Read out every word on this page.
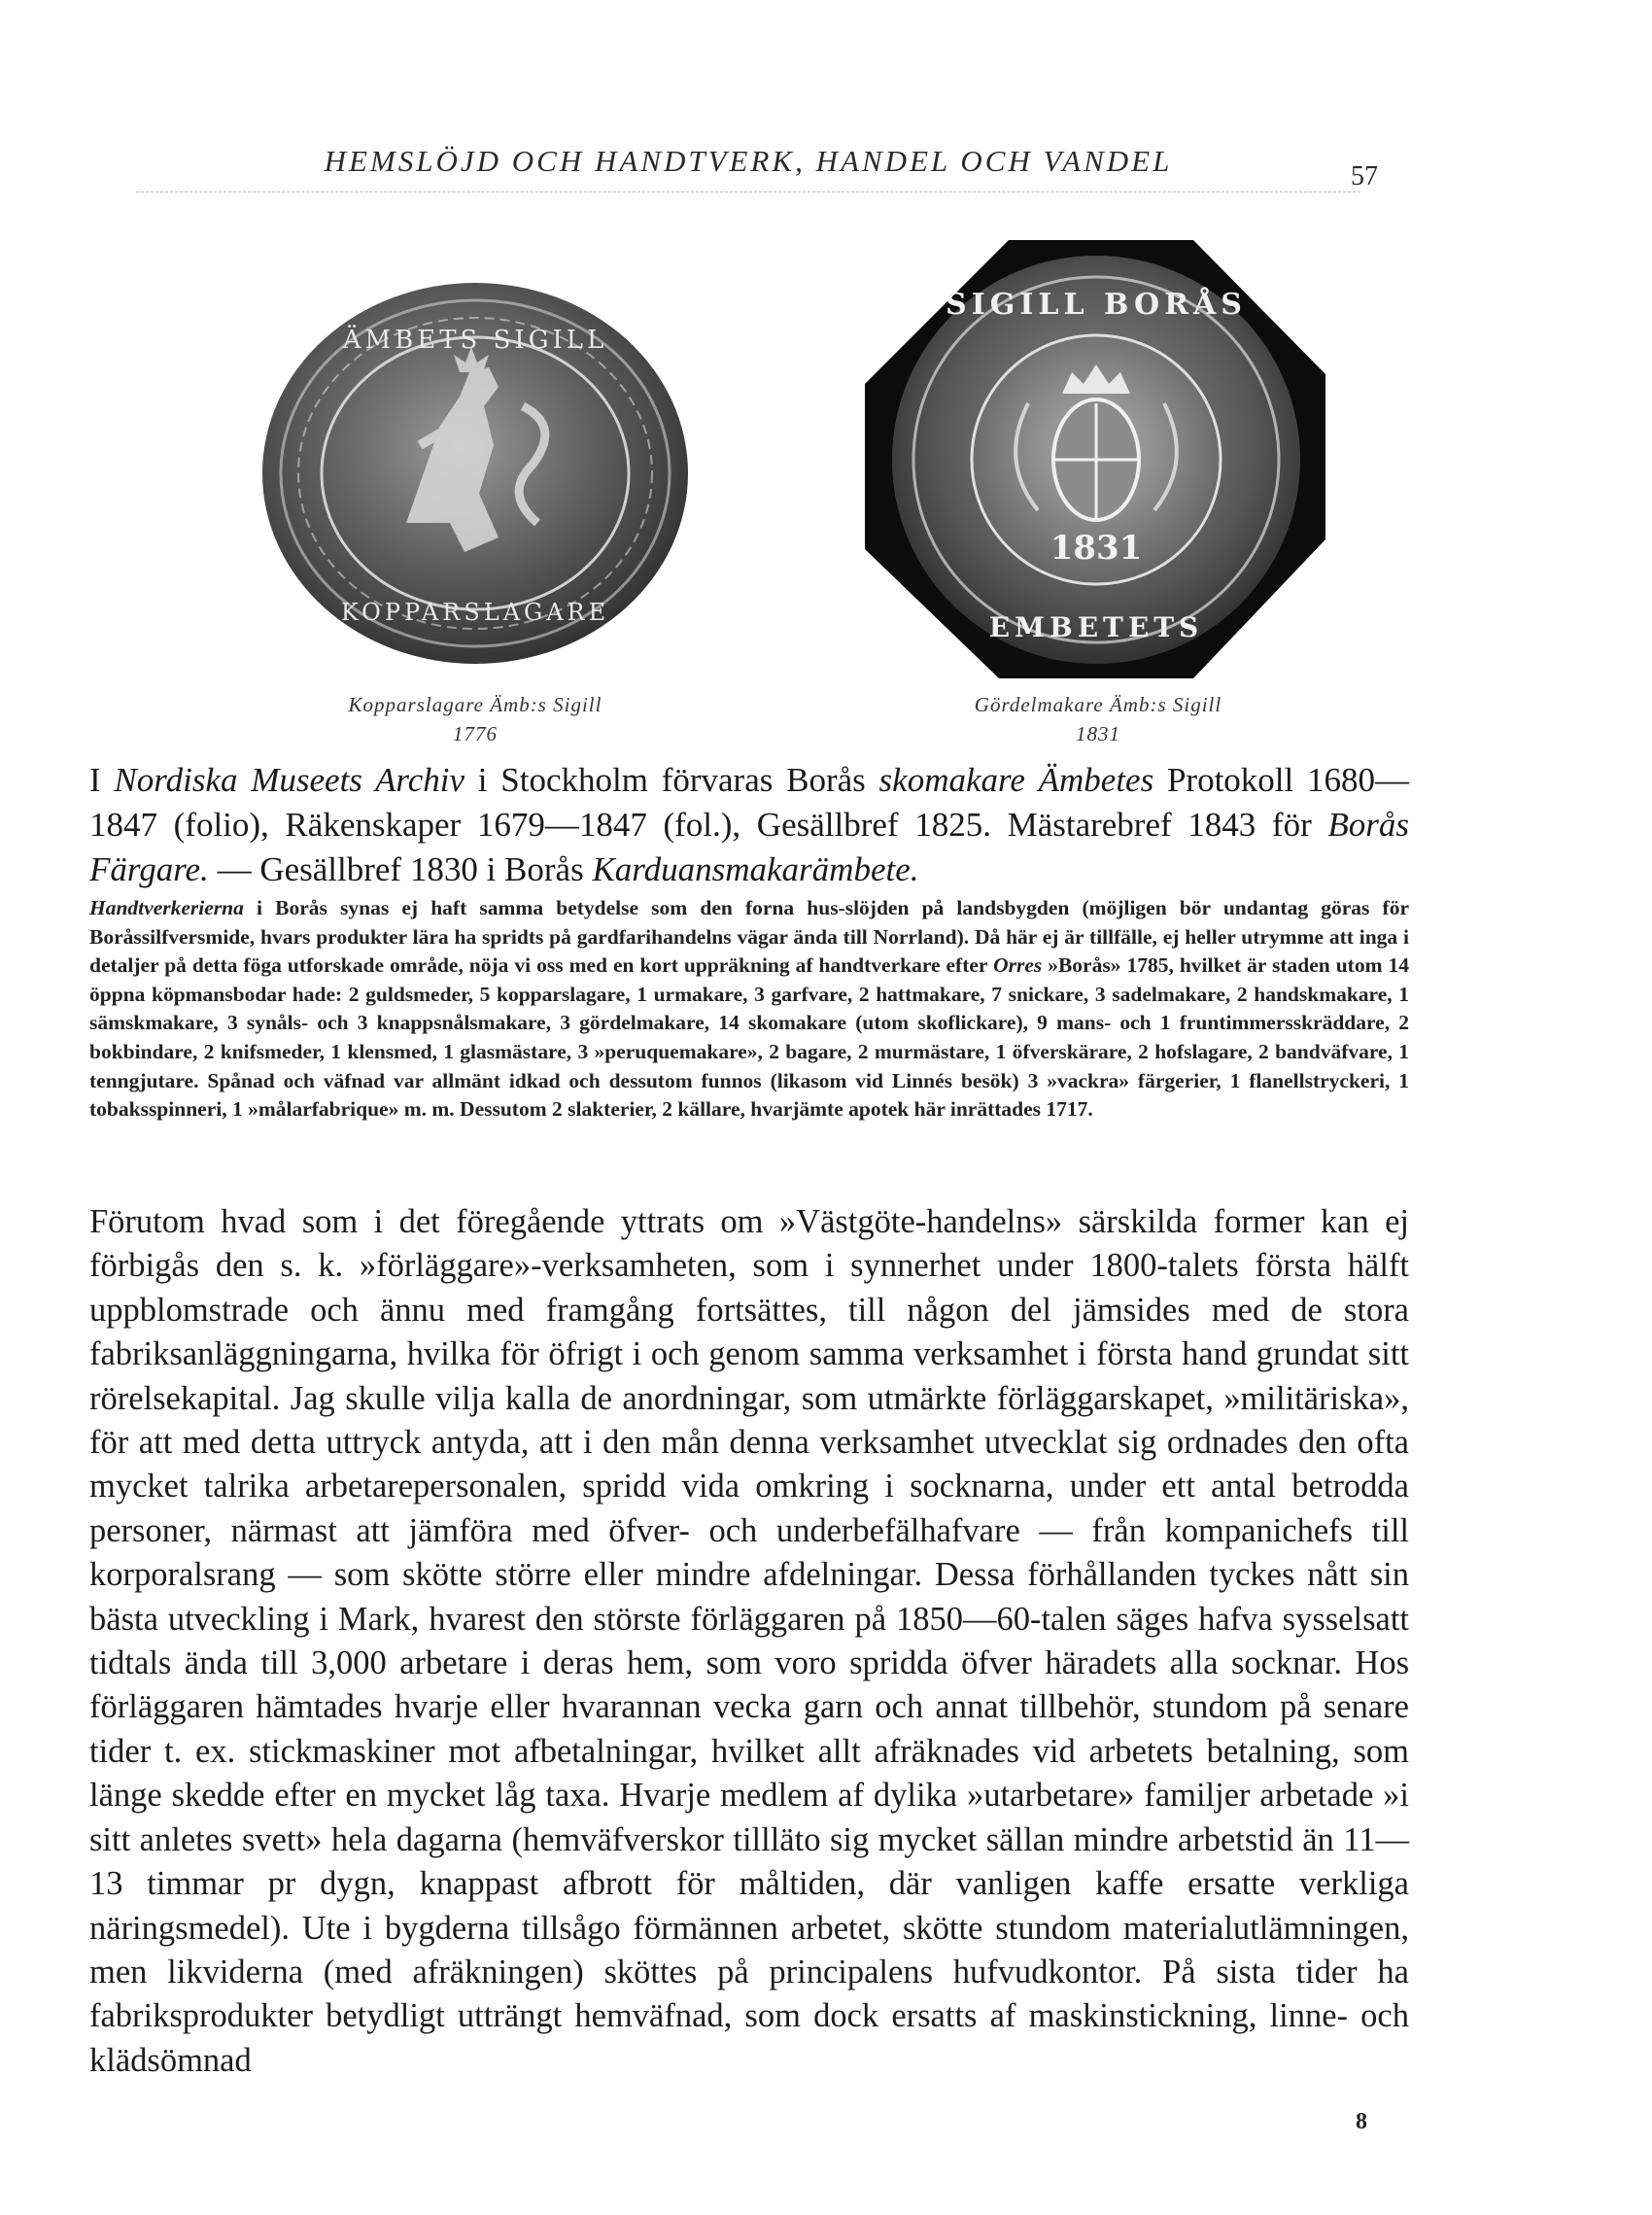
HEMSLÖJD OCH HANDTVERK, HANDEL OCH VANDEL	57
ÄMBETS SIGILL
KOPPARSLAGARE
1831
SIGILL BORÅS
EMBETETS
Kopparslagare Ämb:s Sigill
1776
Gördelmakare Ämb:s Sigill
1831

I Nordiska Museets Archiv i Stockholm förvaras Borås skomakare Ämbetes Protokoll 1680—1847 (folio), Räkenskaper 1679—1847 (fol.), Gesällbref 1825. Mästarebref 1843 för Borås Färgare. — Gesällbref 1830 i Borås Karduansmakarämbete.

Handtverkerierna i Borås synas ej haft samma betydelse som den forna hus-slöjden på landsbygden (möjligen bör undantag göras för Boråssilfversmide, hvars produkter lära ha spridts på gardfarihandelns vägar ända till Norrland). Då här ej är tillfälle, ej heller utrymme att inga i detaljer på detta föga utforskade område, nöja vi oss med en kort uppräkning af handtverkare efter Orres »Borås» 1785, hvilket är staden utom 14 öppna köpmansbodar hade: 2 guldsmeder, 5 kopparslagare, 1 urmakare, 3 garfvare, 2 hattmakare, 7 snickare, 3 sadelmakare, 2 handskmakare, 1 sämskmakare, 3 synåls- och 3 knappsnålsmakare, 3 gördelmakare, 14 skomakare (utom skoflickare), 9 mans- och 1 fruntimmersskräddare, 2 bokbindare, 2 knifsmeder, 1 klensmed, 1 glasmästare, 3 »peruquemakare», 2 bagare, 2 murmästare, 1 öfverskärare, 2 hofslagare, 2 bandväfvare, 1 tenngjutare. Spånad och väfnad var allmänt idkad och dessutom funnos (likasom vid Linnés besök) 3 »vackra» färgerier, 1 flanellstryckeri, 1 tobaksspinneri, 1 »målarfabrique» m. m. Dessutom 2 slakterier, 2 källare, hvarjämte apotek här inrättades 1717.

Förutom hvad som i det föregående yttrats om »Västgöte-handelns» särskilda former kan ej förbigås den s. k. »förläggare»-verksamheten, som i synnerhet under 1800-talets första hälft uppblomstrade och ännu med framgång fortsättes, till någon del jämsides med de stora fabriksanläggningarna, hvilka för öfrigt i och genom samma verksamhet i första hand grundat sitt rörelsekapital. Jag skulle vilja kalla de anordningar, som utmärkte förläggarskapet, »militäriska», för att med detta uttryck antyda, att i den mån denna verksamhet utvecklat sig ordnades den ofta mycket talrika arbetarepersonalen, spridd vida omkring i socknarna, under ett antal betrodda personer, närmast att jämföra med öfver- och underbefälhafvare — från kompanichefs till korporalsrang — som skötte större eller mindre afdelningar. Dessa förhållanden tyckes nått sin bästa utveckling i Mark, hvarest den störste förläggaren på 1850—60-talen säges hafva sysselsatt tidtals ända till 3,000 arbetare i deras hem, som voro spridda öfver häradets alla socknar. Hos förläggaren hämtades hvarje eller hvarannan vecka garn och annat tillbehör, stundom på senare tider t. ex. stickmaskiner mot afbetalningar, hvilket allt afräknades vid arbetets betalning, som länge skedde efter en mycket låg taxa. Hvarje medlem af dylika »utarbetare» familjer arbetade »i sitt anletes svett» hela dagarna (hemväfverskor tillläto sig mycket sällan mindre arbetstid än 11—13 timmar pr dygn, knappast afbrott för måltiden, där vanligen kaffe ersatte verkliga näringsmedel). Ute i bygderna tillsågo förmännen arbetet, skötte stundom materialutlämningen, men likviderna (med afräkningen) sköttes på principalens hufvudkontor. På sista tider ha fabriksprodukter betydligt utträngt hemväfnad, som dock ersatts af maskinstickning, linne- och klädsömnad

8
